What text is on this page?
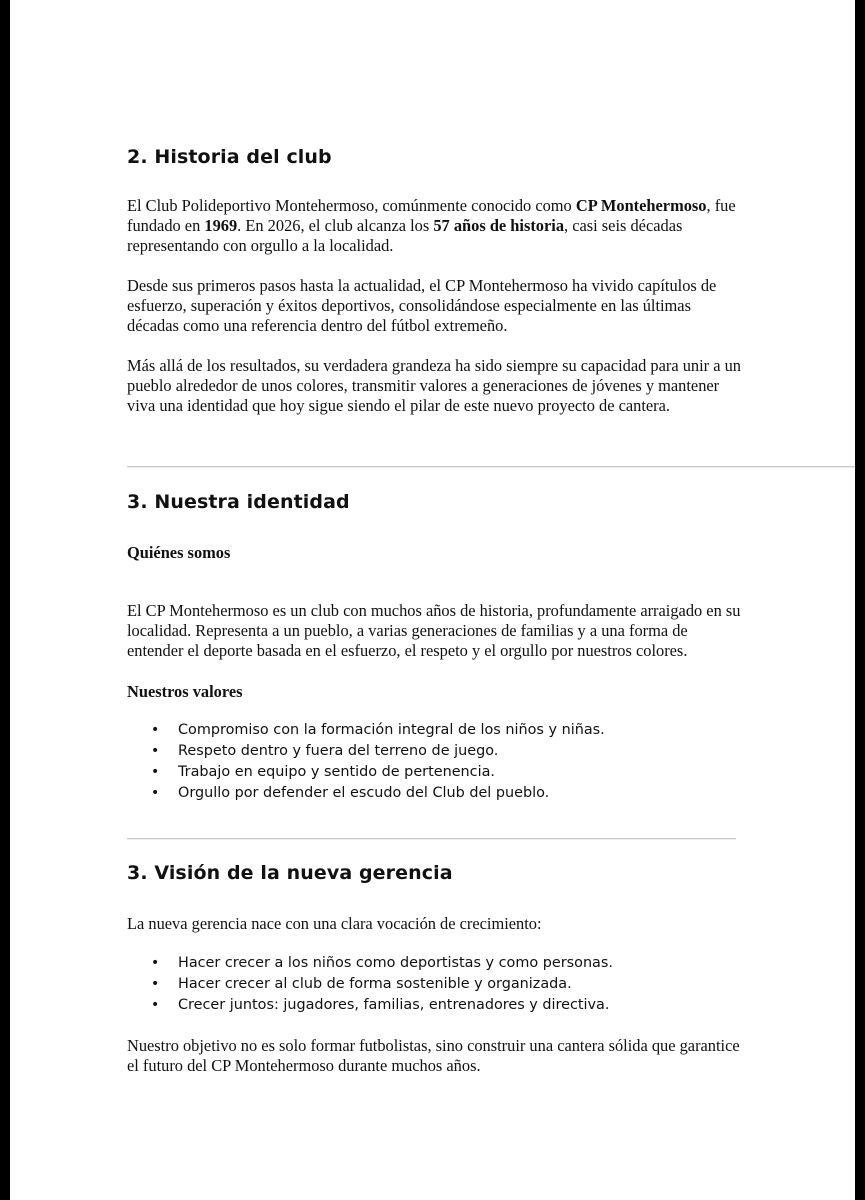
2. Historia del club

El Club Polideportivo Montehermoso, comúnmente conocido como CP Montehermoso, fue fundado en 1969. En 2026, el club alcanza los 57 años de historia, casi seis décadas representando con orgullo a la localidad.

Desde sus primeros pasos hasta la actualidad, el CP Montehermoso ha vivido capítulos de esfuerzo, superación y éxitos deportivos, consolidándose especialmente en las últimas décadas como una referencia dentro del fútbol extremeño.

Más allá de los resultados, su verdadera grandeza ha sido siempre su capacidad para unir a un pueblo alrededor de unos colores, transmitir valores a generaciones de jóvenes y mantener viva una identidad que hoy sigue siendo el pilar de este nuevo proyecto de cantera.

3. Nuestra identidad

Quiénes somos

El CP Montehermoso es un club con muchos años de historia, profundamente arraigado en su localidad. Representa a un pueblo, a varias generaciones de familias y a una forma de entender el deporte basada en el esfuerzo, el respeto y el orgullo por nuestros colores.

Nuestros valores

• Compromiso con la formación integral de los niños y niñas.
• Respeto dentro y fuera del terreno de juego.
• Trabajo en equipo y sentido de pertenencia.
• Orgullo por defender el escudo del Club del pueblo.
3. Visión de la nueva gerencia

La nueva gerencia nace con una clara vocación de crecimiento:

• Hacer crecer a los niños como deportistas y como personas.
• Hacer crecer al club de forma sostenible y organizada.
• Crecer juntos: jugadores, familias, entrenadores y directiva.

Nuestro objetivo no es solo formar futbolistas, sino construir una cantera sólida que garantice el futuro del CP Montehermoso durante muchos años.
